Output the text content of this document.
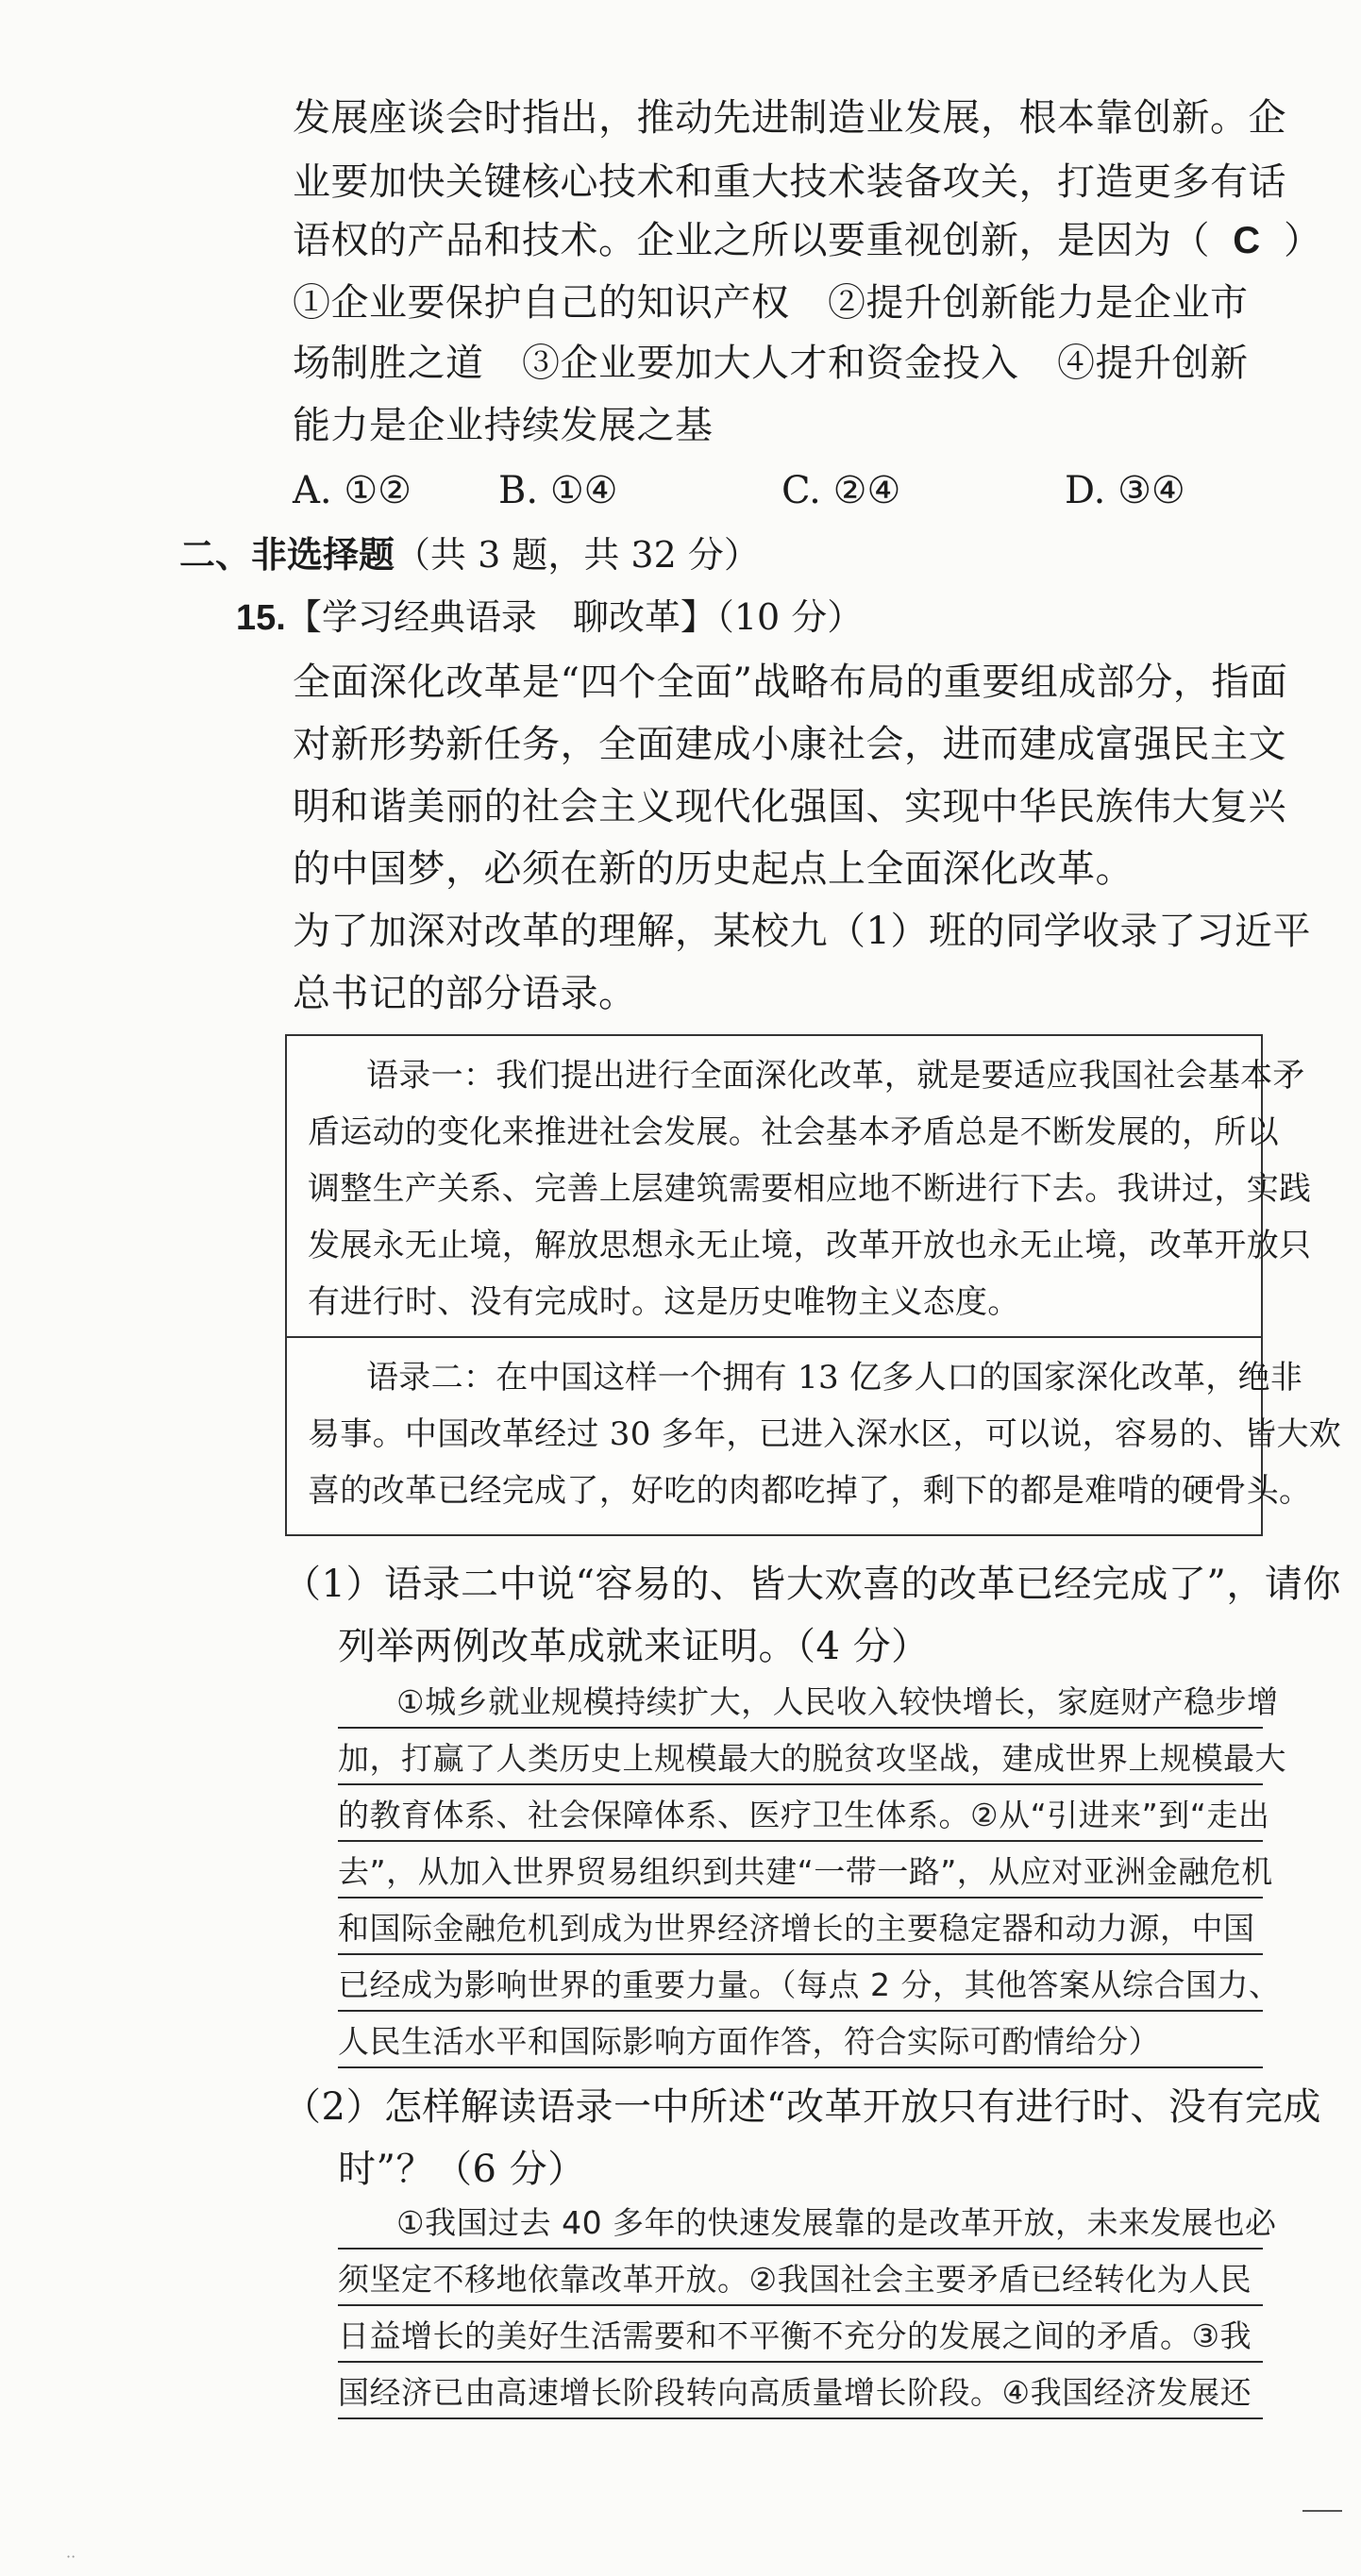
发展座谈会时指出，推动先进制造业发展，根本靠创新。企
业要加快关键核心技术和重大技术装备攻关，打造更多有话
语权的产品和技术。企业之所以要重视创新，是因为（ C ）
①企业要保护自己的知识产权　②提升创新能力是企业市
场制胜之道　③企业要加大人才和资金投入　④提升创新
能力是企业持续发展之基
A. ①② B. ①④	C. ②④	D. ③④
二、非选择题（共 3 题，共 32 分）
15.【学习经典语录　聊改革】（10 分）
全面深化改革是“四个全面”战略布局的重要组成部分，指面
对新形势新任务，全面建成小康社会，进而建成富强民主文
明和谐美丽的社会主义现代化强国、实现中华民族伟大复兴
的中国梦，必须在新的历史起点上全面深化改革。
为了加深对改革的理解，某校九（1）班的同学收录了习近平
总书记的部分语录。
语录一：我们提出进行全面深化改革，就是要适应我国社会基本矛
盾运动的变化来推进社会发展。社会基本矛盾总是不断发展的，所以
调整生产关系、完善上层建筑需要相应地不断进行下去。我讲过，实践
发展永无止境，解放思想永无止境，改革开放也永无止境，改革开放只
有进行时、没有完成时。这是历史唯物主义态度。
语录二：在中国这样一个拥有 13 亿多人口的国家深化改革，绝非
易事。中国改革经过 30 多年，已进入深水区，可以说，容易的、皆大欢
喜的改革已经完成了，好吃的肉都吃掉了，剩下的都是难啃的硬骨头。
（1）语录二中说“容易的、皆大欢喜的改革已经完成了”，请你
列举两例改革成就来证明。（4 分）
①城乡就业规模持续扩大，人民收入较快增长，家庭财产稳步增
加，打赢了人类历史上规模最大的脱贫攻坚战，建成世界上规模最大
的教育体系、社会保障体系、医疗卫生体系。②从“引进来”到“走出
去”，从加入世界贸易组织到共建“一带一路”，从应对亚洲金融危机
和国际金融危机到成为世界经济增长的主要稳定器和动力源，中国
已经成为影响世界的重要力量。（每点 2 分，其他答案从综合国力、
人民生活水平和国际影响方面作答，符合实际可酌情给分）
（2）怎样解读语录一中所述“改革开放只有进行时、没有完成
时”？（6 分）
①我国过去 40 多年的快速发展靠的是改革开放，未来发展也必
须坚定不移地依靠改革开放。②我国社会主要矛盾已经转化为人民
日益增长的美好生活需要和不平衡不充分的发展之间的矛盾。③我
国经济已由高速增长阶段转向高质量增长阶段。④我国经济发展还
··
